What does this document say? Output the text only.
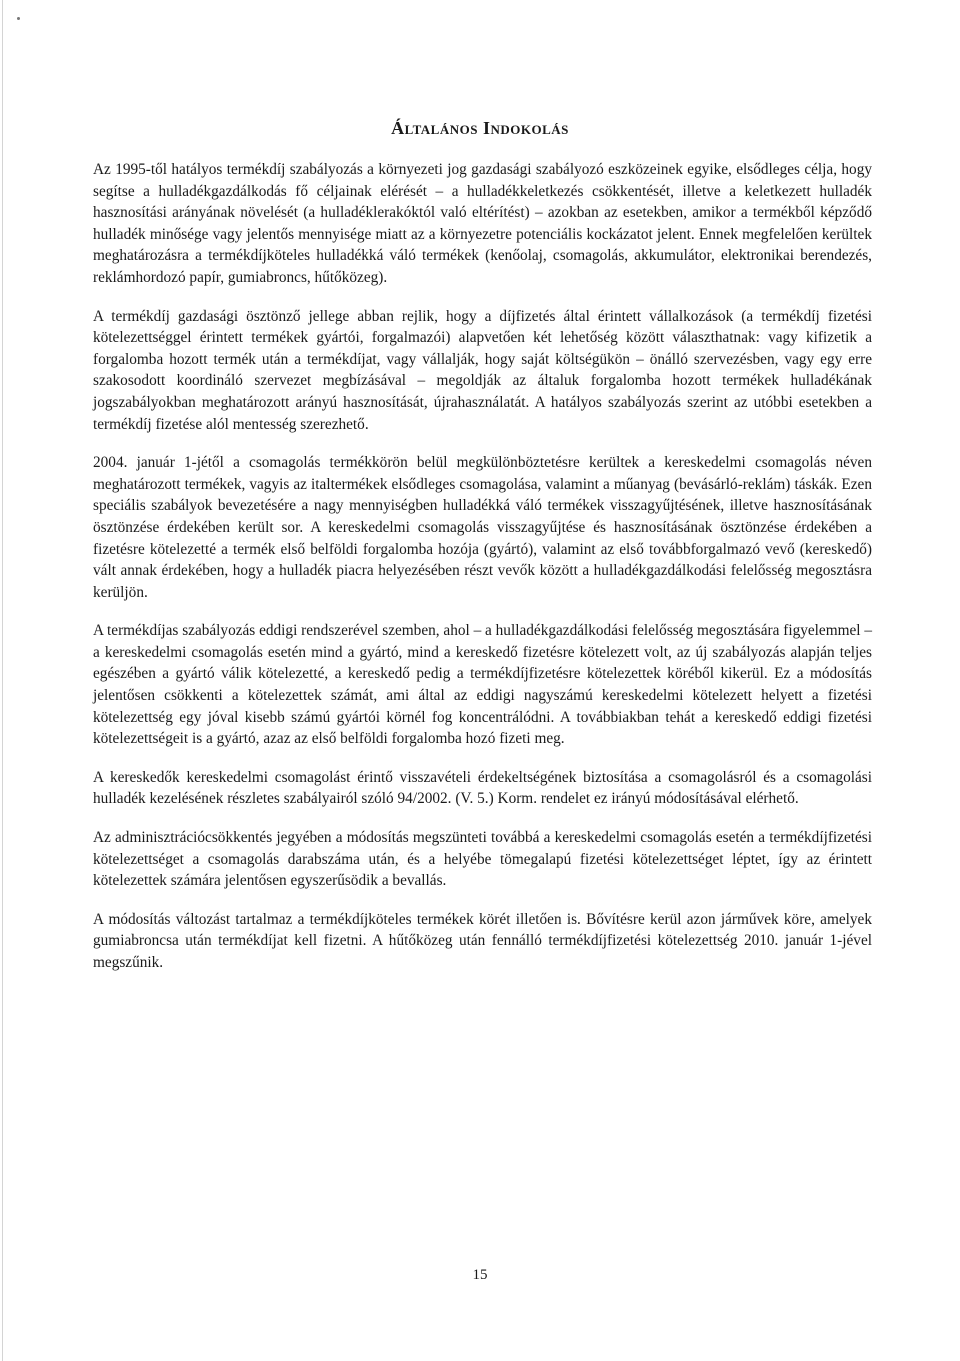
Általános Indokolás

Az 1995-től hatályos termékdíj szabályozás a környezeti jog gazdasági szabályozó eszközeinek egyike, elsődleges célja, hogy segítse a hulladékgazdálkodás fő céljainak elérését – a hulladékkeletkezés csökkentését, illetve a keletkezett hulladék hasznosítási arányának növelését (a hulladéklerakóktól való eltérítést) – azokban az esetekben, amikor a termékből képződő hulladék minősége vagy jelentős mennyisége miatt az a környezetre potenciális kockázatot jelent. Ennek megfelelően kerültek meghatározásra a termékdíjköteles hulladékká váló termékek (kenőolaj, csomagolás, akkumulátor, elektronikai berendezés, reklámhordozó papír, gumiabroncs, hűtőközeg).

A termékdíj gazdasági ösztönző jellege abban rejlik, hogy a díjfizetés által érintett vállalkozások (a termékdíj fizetési kötelezettséggel érintett termékek gyártói, forgalmazói) alapvetően két lehetőség között választhatnak: vagy kifizetik a forgalomba hozott termék után a termékdíjat, vagy vállalják, hogy saját költségükön – önálló szervezésben, vagy egy erre szakosodott koordináló szervezet megbízásával – megoldják az általuk forgalomba hozott termékek hulladékának jogszabályokban meghatározott arányú hasznosítását, újrahasználatát. A hatályos szabályozás szerint az utóbbi esetekben a termékdíj fizetése alól mentesség szerezhető.

2004. január 1-jétől a csomagolás termékkörön belül megkülönböztetésre kerültek a kereskedelmi csomagolás néven meghatározott termékek, vagyis az italtermékek elsődleges csomagolása, valamint a műanyag (bevásárló-reklám) táskák. Ezen speciális szabályok bevezetésére a nagy mennyiségben hulladékká váló termékek visszagyűjtésének, illetve hasznosításának ösztönzése érdekében került sor. A kereskedelmi csomagolás visszagyűjtése és hasznosításának ösztönzése érdekében a fizetésre kötelezetté a termék első belföldi forgalomba hozója (gyártó), valamint az első továbbforgalmazó vevő (kereskedő) vált annak érdekében, hogy a hulladék piacra helyezésében részt vevők között a hulladékgazdálkodási felelősség megosztásra kerüljön.

A termékdíjas szabályozás eddigi rendszerével szemben, ahol – a hulladékgazdálkodási felelősség megosztására figyelemmel – a kereskedelmi csomagolás esetén mind a gyártó, mind a kereskedő fizetésre kötelezett volt, az új szabályozás alapján teljes egészében a gyártó válik kötelezetté, a kereskedő pedig a termékdíjfizetésre kötelezettek köréből kikerül. Ez a módosítás jelentősen csökkenti a kötelezettek számát, ami által az eddigi nagyszámú kereskedelmi kötelezett helyett a fizetési kötelezettség egy jóval kisebb számú gyártói körnél fog koncentrálódni. A továbbiakban tehát a kereskedő eddigi fizetési kötelezettségeit is a gyártó, azaz az első belföldi forgalomba hozó fizeti meg.

A kereskedők kereskedelmi csomagolást érintő visszavételi érdekeltségének biztosítása a csomagolásról és a csomagolási hulladék kezelésének részletes szabályairól szóló 94/2002. (V. 5.) Korm. rendelet ez irányú módosításával elérhető.

Az adminisztrációcsökkentés jegyében a módosítás megszünteti továbbá a kereskedelmi csomagolás esetén a termékdíjfizetési kötelezettséget a csomagolás darabszáma után, és a helyébe tömegalapú fizetési kötelezettséget léptet, így az érintett kötelezettek számára jelentősen egyszerűsödik a bevallás.

A módosítás változást tartalmaz a termékdíjköteles termékek körét illetően is. Bővítésre kerül azon járművek köre, amelyek gumiabroncsa után termékdíjat kell fizetni. A hűtőközeg után fennálló termékdíjfizetési kötelezettség 2010. január 1-jével megszűnik.

15
